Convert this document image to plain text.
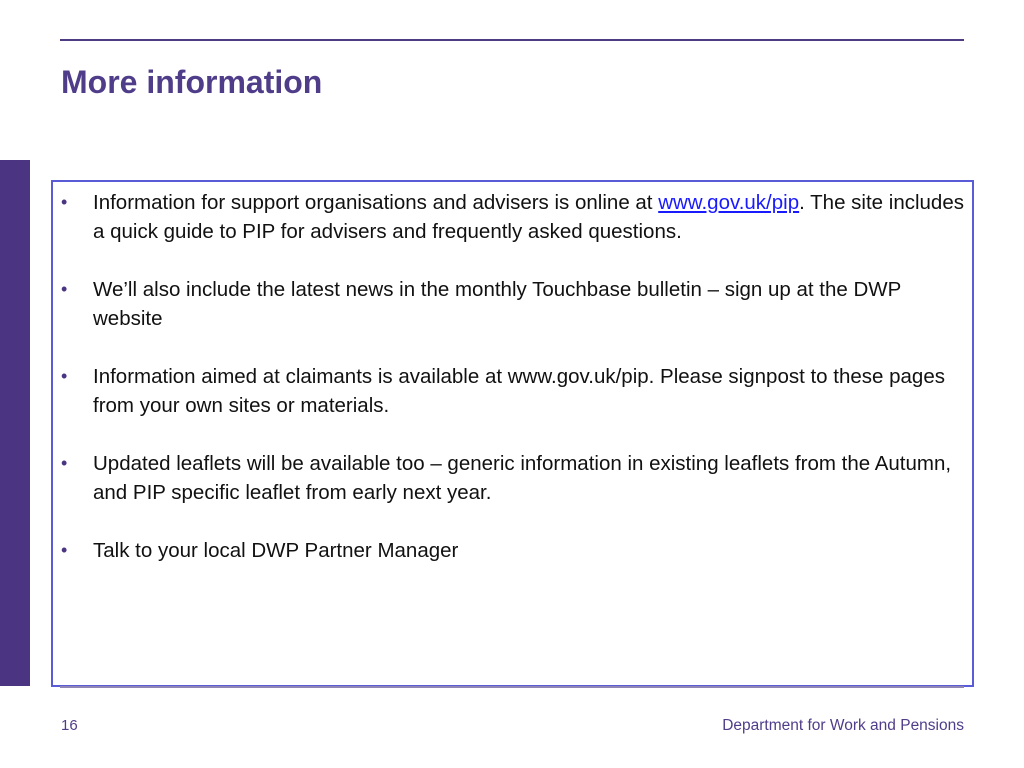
More information
•	Information for support organisations and advisers is online at www.gov.uk/pip. The site includes a quick guide to PIP for advisers and frequently asked questions.
•	We’ll also include the latest news in the monthly Touchbase bulletin – sign up at the DWP website
•	Information aimed at claimants is available at www.gov.uk/pip. Please signpost to these pages from your own sites or materials.
•	Updated leaflets will be available too – generic information in existing leaflets from the Autumn, and PIP specific leaflet from early next year.
•	Talk to your local DWP Partner Manager
16	Department for Work and Pensions
